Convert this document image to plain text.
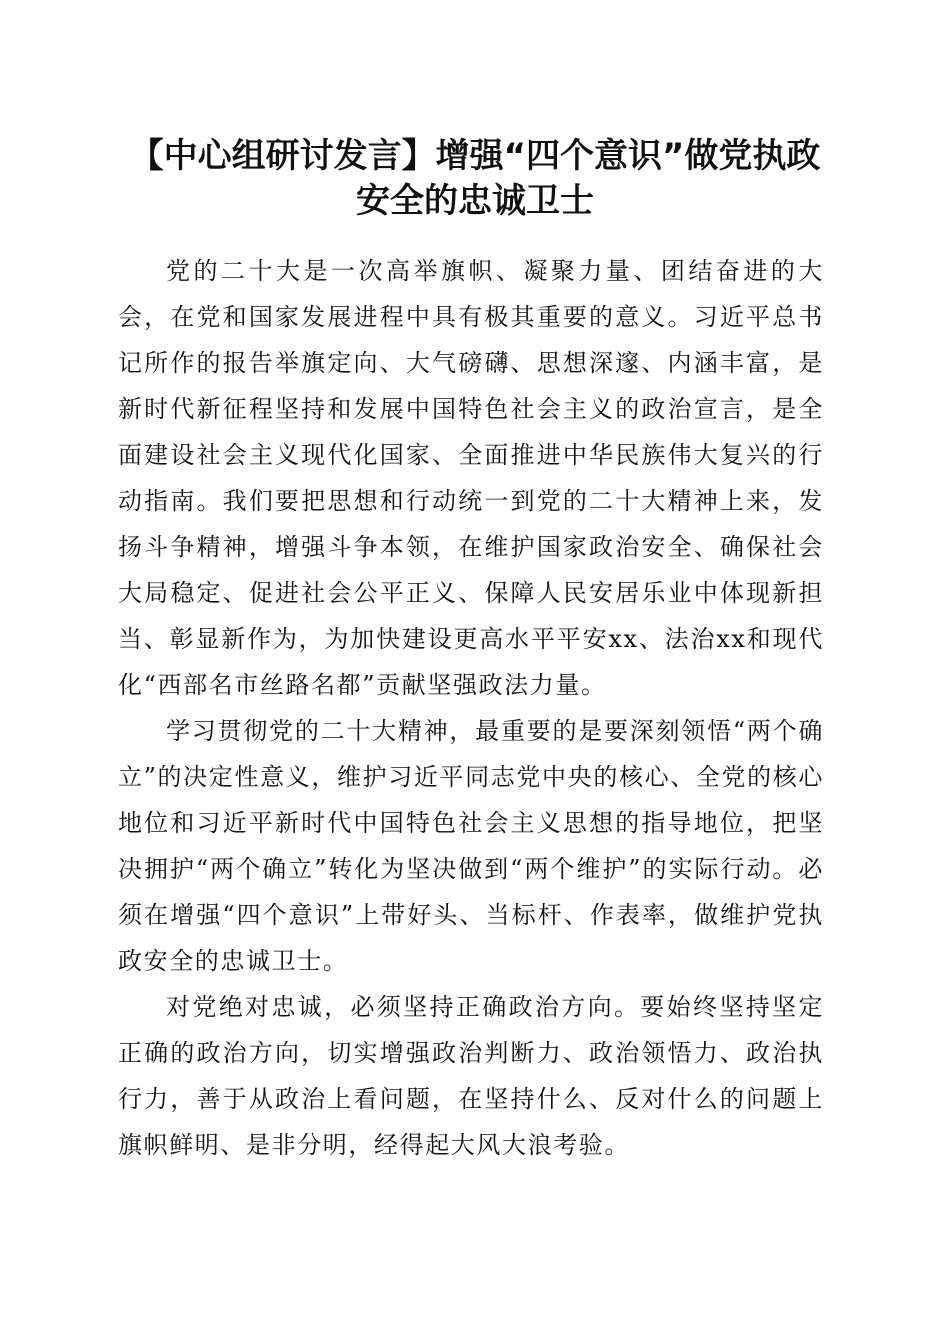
【中心组研讨发言】增强“四个意识”做党执政安全的忠诚卫士

党的二十大是一次高举旗帜、凝聚力量、团结奋进的大会，在党和国家发展进程中具有极其重要的意义。习近平总书记所作的报告举旗定向、大气磅礴、思想深邃、内涵丰富，是新时代新征程坚持和发展中国特色社会主义的政治宣言，是全面建设社会主义现代化国家、全面推进中华民族伟大复兴的行动指南。我们要把思想和行动统一到党的二十大精神上来，发扬斗争精神，增强斗争本领，在维护国家政治安全、确保社会大局稳定、促进社会公平正义、保障人民安居乐业中体现新担当、彰显新作为，为加快建设更高水平平安xx、法治xx和现代化“西部名市丝路名都”贡献坚强政法力量。

学习贯彻党的二十大精神，最重要的是要深刻领悟“两个确立”的决定性意义，维护习近平同志党中央的核心、全党的核心地位和习近平新时代中国特色社会主义思想的指导地位，把坚决拥护“两个确立”转化为坚决做到“两个维护”的实际行动。必须在增强“四个意识”上带好头、当标杆、作表率，做维护党执政安全的忠诚卫士。

对党绝对忠诚，必须坚持正确政治方向。要始终坚持坚定正确的政治方向，切实增强政治判断力、政治领悟力、政治执行力，善于从政治上看问题，在坚持什么、反对什么的问题上旗帜鲜明、是非分明，经得起大风大浪考验。
